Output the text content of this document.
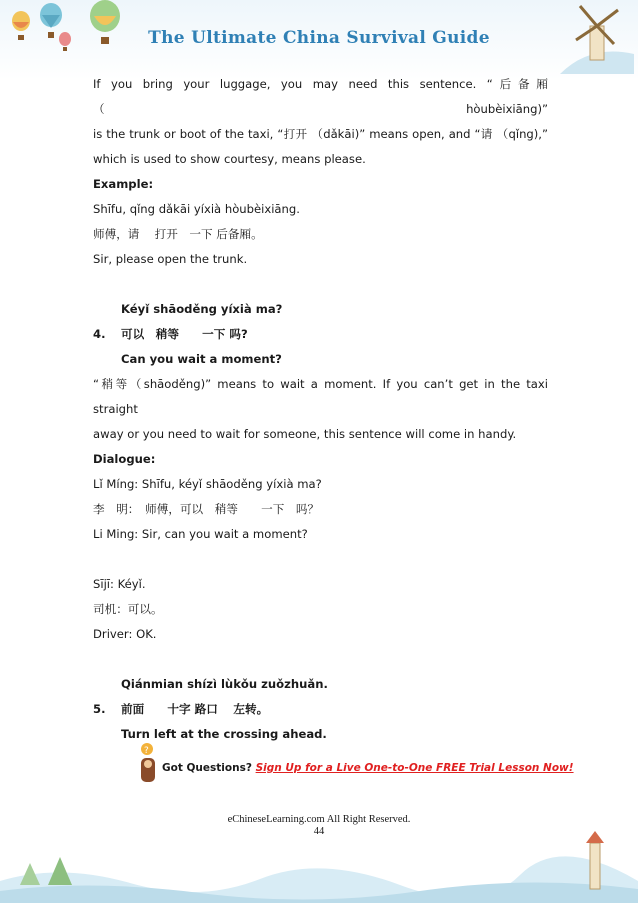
The Ultimate China Survival Guide

If you bring your luggage, you may need this sentence. “后备厢（hòubèixiāng)”

is the trunk or boot of the taxi, “打开 （dǎkāi)” means open, and “请 （qǐng),”

which is used to show courtesy, means please.

Example:

Shīfu, qǐng dǎkāi yíxià hòubèixiāng.

师傅，请　 打开　一下 后备厢。

Sir, please open the trunk.

Kéyǐ shāoděng yíxià ma?

4.	可以　稍等　　一下 吗?

Can you wait a moment?

“稍等（shāoděng)” means to wait a moment. If you can’t get in the taxi straight

away or you need to wait for someone, this sentence will come in handy.

Dialogue:

Lǐ Míng: Shīfu, kéyǐ shāoděng yíxià ma?

李　明：　师傅，可以　稍等　　一下　吗？

Li Ming: Sir, can you wait a moment?

Sījī: Kéyǐ.

司机：可以。

Driver: OK.

Qiánmian shízì lùkǒu zuǒzhuǎn.

5.	前面　　十字 路口　 左转。

Turn left at the crossing ahead.

?
Got Questions? Sign Up for a Live One-to-One FREE Trial Lesson Now!
eChineseLearning.com All Right Reserved.
44
